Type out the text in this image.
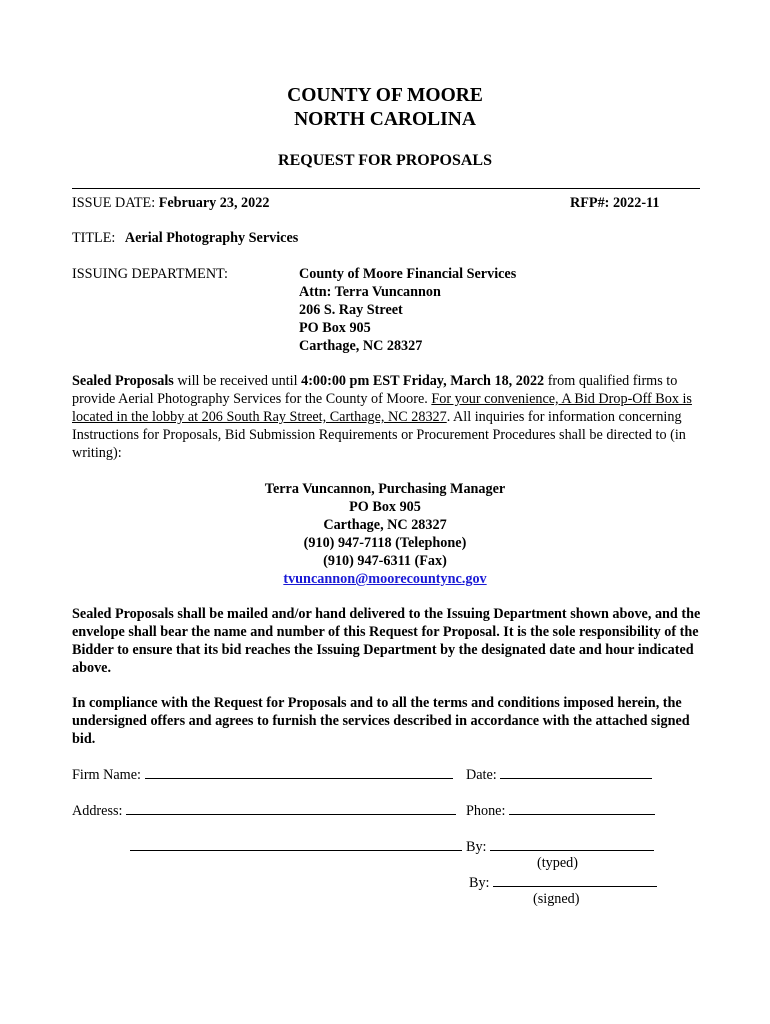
COUNTY OF MOORE
NORTH CAROLINA
REQUEST FOR PROPOSALS
ISSUE DATE: February 23, 2022	RFP#: 2022-11
TITLE: Aerial Photography Services
ISSUING DEPARTMENT:	County of Moore Financial Services
Attn: Terra Vuncannon
206 S. Ray Street
PO Box 905
Carthage, NC 28327
Sealed Proposals will be received until 4:00:00 pm EST Friday, March 18, 2022 from qualified firms to provide Aerial Photography Services for the County of Moore. For your convenience, A Bid Drop-Off Box is located in the lobby at 206 South Ray Street, Carthage, NC 28327. All inquiries for information concerning Instructions for Proposals, Bid Submission Requirements or Procurement Procedures shall be directed to (in writing):
Terra Vuncannon, Purchasing Manager
PO Box 905
Carthage, NC 28327
(910) 947-7118 (Telephone)
(910) 947-6311 (Fax)
tvuncannon@moorecountync.gov
Sealed Proposals shall be mailed and/or hand delivered to the Issuing Department shown above, and the envelope shall bear the name and number of this Request for Proposal. It is the sole responsibility of the Bidder to ensure that its bid reaches the Issuing Department by the designated date and hour indicated above.
In compliance with the Request for Proposals and to all the terms and conditions imposed herein, the undersigned offers and agrees to furnish the services described in accordance with the attached signed bid.
Firm Name:	Date:
Address:	Phone:
By:
(typed)
By:
(signed)
